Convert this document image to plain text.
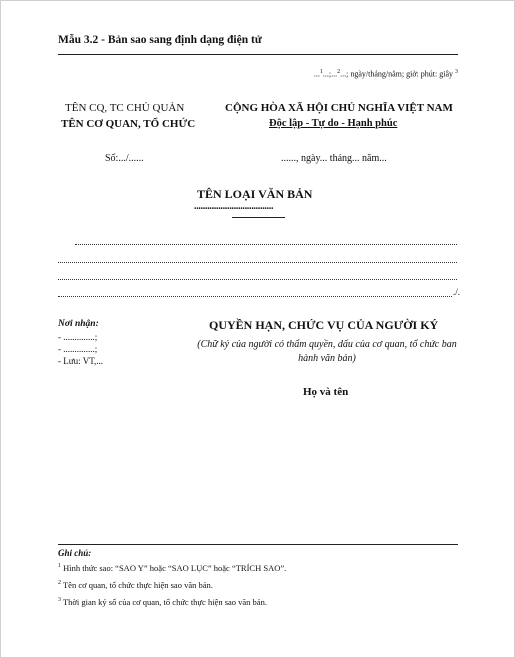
Mẫu 3.2 - Bản sao sang định dạng điện tử
...$^1$...;...$^2$...; ngày/tháng/năm; giờ: phút: giây $^3$
TÊN CQ, TC CHỦ QUẢN
TÊN CƠ QUAN, TỔ CHỨC
CỘNG HÒA XÃ HỘI CHỦ NGHĨA VIỆT NAM
Độc lập - Tự do - Hạnh phúc
Số:.../......	......, ngày... tháng... năm...
TÊN LOẠI VĂN BẢN
....................................
./.
Nơi nhận:
- ..............;
- ..............;
- Lưu: VT,...
QUYỀN HẠN, CHỨC VỤ CỦA NGƯỜI KÝ
(Chữ ký của người có thẩm quyền, dấu của cơ quan, tổ chức ban hành văn bản)
Họ và tên
Ghi chú:
$^1$ Hình thức sao: “SAO Y” hoặc “SAO LỤC” hoặc “TRÍCH SAO”.
$^2$ Tên cơ quan, tổ chức thực hiện sao văn bản.
$^3$ Thời gian ký số của cơ quan, tổ chức thực hiện sao văn bản.
